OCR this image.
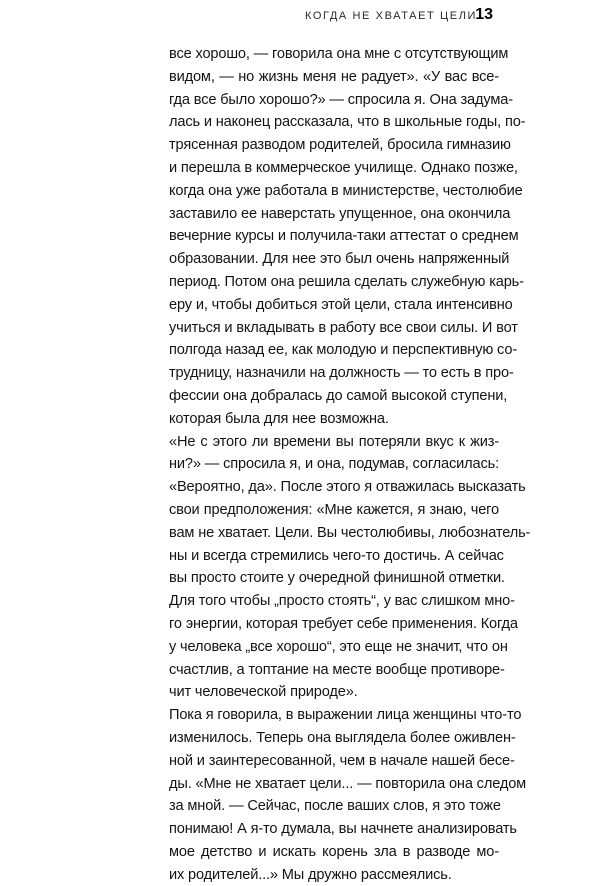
КОГДА НЕ ХВАТАЕТ ЦЕЛИ
13
все хорошо, — говорила она мне с отсутствующим
видом, — но жизнь меня не радует». «У вас все-
гда все было хорошо?» — спросила я. Она задума-
лась и наконец рассказала, что в школьные годы, по-
трясенная разводом родителей, бросила гимназию
и перешла в коммерческое училище. Однако позже,
когда она уже работала в министерстве, честолюбие
заставило ее наверстать упущенное, она окончила
вечерние курсы и получила-таки аттестат о среднем
образовании. Для нее это был очень напряженный
период. Потом она решила сделать служебную карь-
еру и, чтобы добиться этой цели, стала интенсивно
учиться и вкладывать в работу все свои силы. И вот
полгода назад ее, как молодую и перспективную со-
трудницу, назначили на должность — то есть в про-
фессии она добралась до самой высокой ступени,
которая была для нее возможна.
«Не с этого ли времени вы потеряли вкус к жиз-
ни?» — спросила я, и она, подумав, согласилась:
«Вероятно, да». После этого я отважилась высказать
свои предположения: «Мне кажется, я знаю, чего
вам не хватает. Цели. Вы честолюбивы, любознатель-
ны и всегда стремились чего-то достичь. А сейчас
вы просто стоите у очередной финишной отметки.
Для того чтобы „просто стоять“, у вас слишком мно-
го энергии, которая требует себе применения. Когда
у человека „все хорошо“, это еще не значит, что он
счастлив, а топтание на месте вообще противоре-
чит человеческой природе».
Пока я говорила, в выражении лица женщины что-то
изменилось. Теперь она выглядела более оживлен-
ной и заинтересованной, чем в начале нашей бесе-
ды. «Мне не хватает цели... — повторила она следом
за мной. — Сейчас, после ваших слов, я это тоже
понимаю! А я-то думала, вы начнете анализировать
мое детство и искать корень зла в разводе мо-
их родителей...» Мы дружно рассмеялись.
